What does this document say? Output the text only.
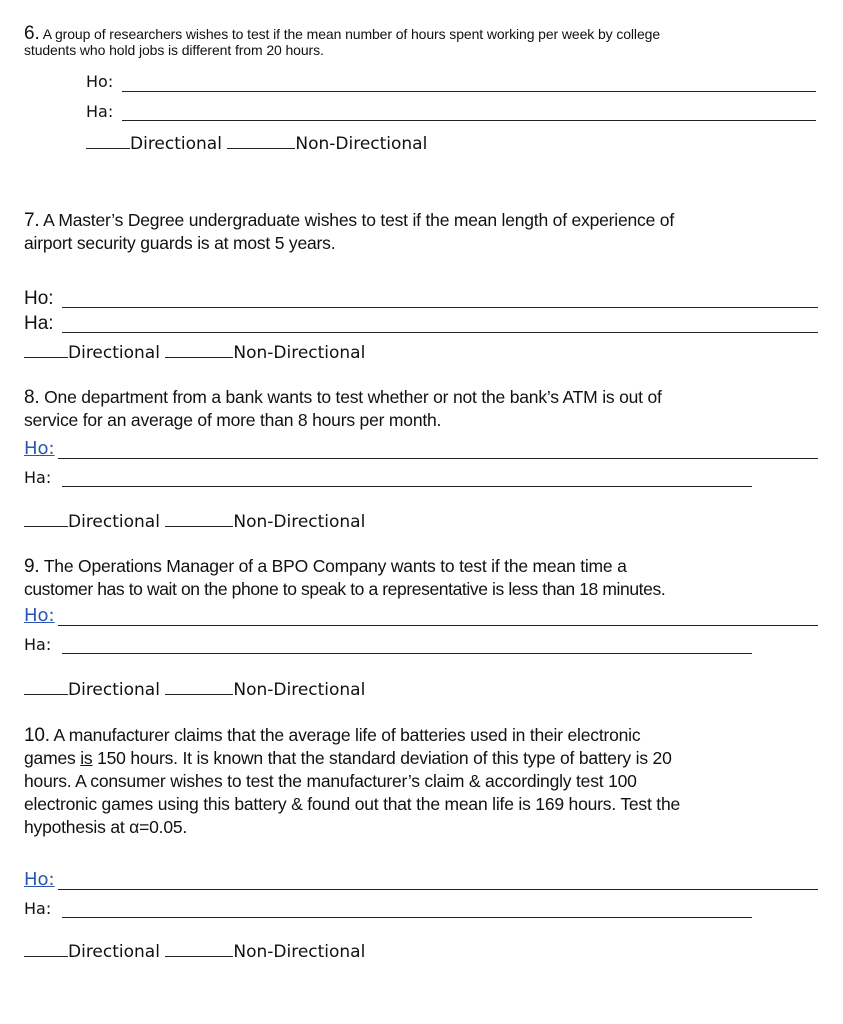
6. A group of researchers wishes to test if the mean number of hours spent working per week by college
students who hold jobs is different from 20 hours.
Ho:
Ha:
Directional	Non-Directional
7. A Master’s Degree undergraduate wishes to test if the mean length of experience of
airport security guards is at most 5 years.
Ho:
Ha:
Directional	Non-Directional
8. One department from a bank wants to test whether or not the bank’s ATM is out of
service for an average of more than 8 hours per month.
Ho:
Ha:
Directional	Non-Directional
9. The Operations Manager of a BPO Company wants to test if the mean time a
customer has to wait on the phone to speak to a representative is less than 18 minutes.
Ho:
Ha:
Directional	Non-Directional
10. A manufacturer claims that the average life of batteries used in their electronic
games is 150 hours. It is known that the standard deviation of this type of battery is 20
hours. A consumer wishes to test the manufacturer’s claim & accordingly test 100
electronic games using this battery & found out that the mean life is 169 hours. Test the
hypothesis at α=0.05.
Ho:
Ha:
Directional	Non-Directional
